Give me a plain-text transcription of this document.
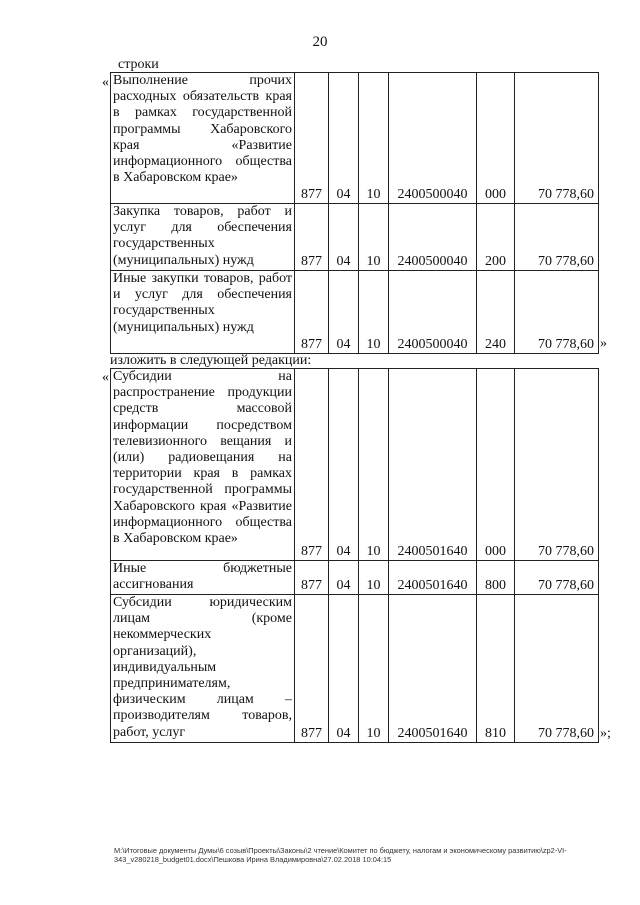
20
строки
« Выполнение прочих расходных обязательств края в рамках государственной программы Хабаровского края «Развитие информационного общества в Хабаровском крае»	877	04	10	2400500040	000	70 778,60
Закупка товаров, работ и услуг для обеспечения государственных (муниципальных) нужд	877	04	10	2400500040	200	70 778,60
Иные закупки товаров, работ и услуг для обеспечения государственных (муниципальных) нужд	877	04	10	2400500040	240	70 778,60 »
изложить в следующей редакции:
« Субсидии на распространение продукции средств массовой информации посредством телевизионного вещания и (или) радиовещания на территории края в рамках государственной программы Хабаровского края «Развитие информационного общества в Хабаровском крае»	877	04	10	2400501640	000	70 778,60
Иные бюджетные ассигнования	877	04	10	2400501640	800	70 778,60
Субсидии юридическим лицам (кроме некоммерческих организаций), индивидуальным предпринимателям, физическим лицам – производителям товаров, работ, услуг	877	04	10	2400501640	810	70 778,60 »;
М:\Итоговые документы Думы\6 созыв\Проекты\Законы\2 чтение\Комитет по бюджету, налогам и экономическому развитию\zp2-VI-343_v280218_budget01.docx\Пешкова Ирина Владимировна\27.02.2018 10:04:15
